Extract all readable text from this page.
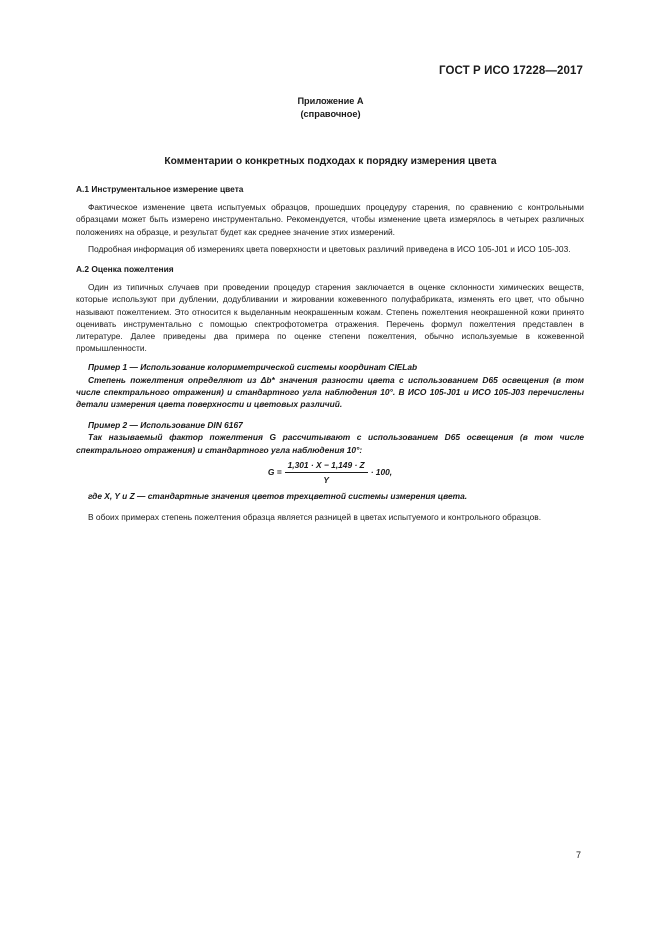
ГОСТ Р ИСО 17228—2017
Приложение А
(справочное)
Комментарии о конкретных подходах к порядку измерения цвета
А.1 Инструментальное измерение цвета

Фактическое изменение цвета испытуемых образцов, прошедших процедуру старения, по сравнению с контрольными образцами может быть измерено инструментально. Рекомендуется, чтобы изменение цвета измерялось в четырех различных положениях на образце, и результат будет как среднее значение этих измерений.

Подробная информация об измерениях цвета поверхности и цветовых различий приведена в ИСО 105-J01 и ИСО 105-J03.

А.2 Оценка пожелтения

Один из типичных случаев при проведении процедур старения заключается в оценке склонности химических веществ, которые используют при дублении, додубливании и жировании кожевенного полуфабриката, изменять его цвет, что обычно называют пожелтением. Это относится к выделанным неокрашенным кожам. Степень пожелтения неокрашенной кожи принято оценивать инструментально с помощью спектрофотометра отражения. Перечень формул пожелтения представлен в литературе. Далее приведены два примера по оценке степени пожелтения, обычно используемые в кожевенной промышленности.

Пример 1 — Использование колориметрической системы координат CIELab

Степень пожелтения определяют из Δb* значения разности цвета с использованием D65 освещения (в том числе спектрального отражения) и стандартного угла наблюдения 10°. В ИСО 105-J01 и ИСО 105-J03 перечислены детали измерения цвета поверхности и цветовых различий.

Пример 2 — Использование DIN 6167

Так называемый фактор пожелтения G рассчитывают с использованием D65 освещения (в том числе спектрального отражения) и стандартного угла наблюдения 10°:

$G = \frac{1,301 \cdot X - 1,149 \cdot Z}{Y} \cdot 100$,

где X, Y и Z — стандартные значения цветов трехцветной системы измерения цвета.

В обоих примерах степень пожелтения образца является разницей в цветах испытуемого и контрольного образцов.

7
